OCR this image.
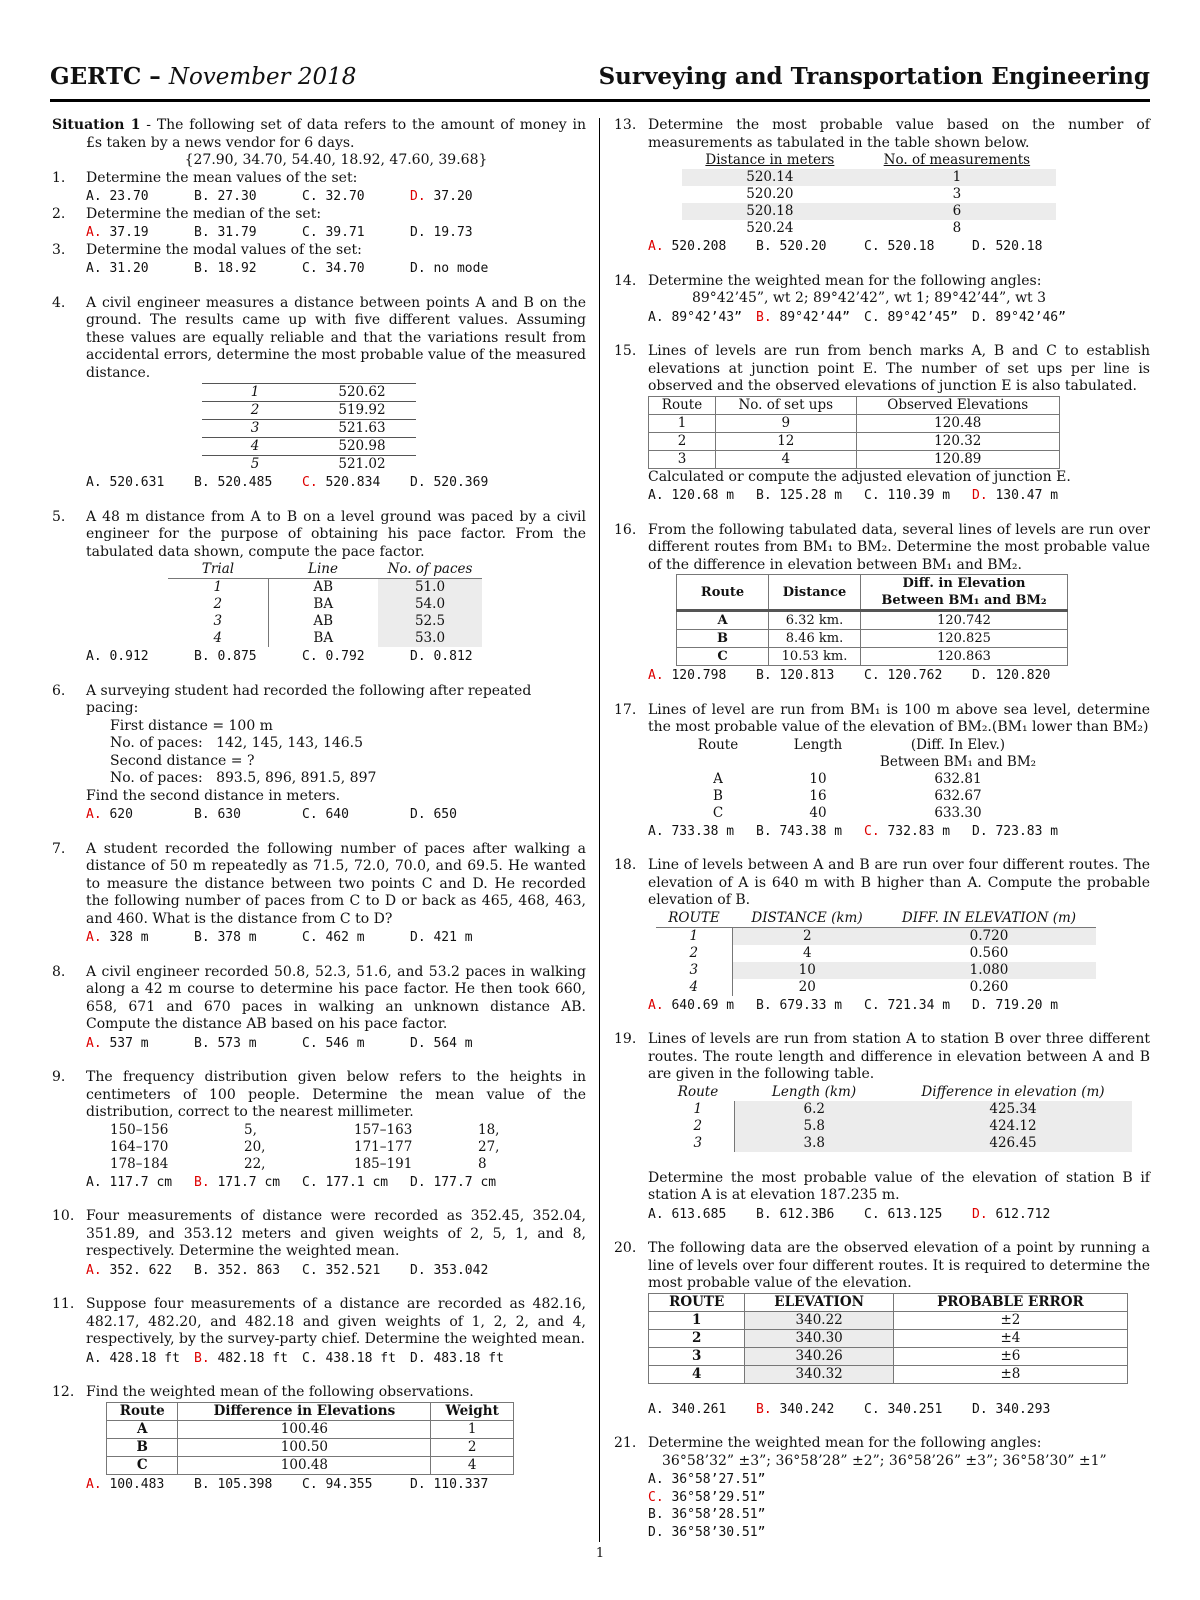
GERTC – November 2018	Surveying and Transportation Engineering
Situation 1 - The following set of data refers to the amount of money in £s taken by a news vendor for 6 days.
{27.90, 34.70, 54.40, 18.92, 47.60, 39.68}
1. Determine the mean values of the set:
A. 23.70	B. 27.30	C. 32.70	D. 37.20
2. Determine the median of the set:
A. 37.19	B. 31.79	C. 39.71	D. 19.73
3. Determine the modal values of the set:
A. 31.20	B. 18.92	C. 34.70	D. no mode
4. A civil engineer measures a distance between points A and B on the ground. The results came up with five different values. Assuming these values are equally reliable and that the variations result from accidental errors, determine the most probable value of the measured distance.
1	520.62
2	519.92
3	521.63
4	520.98
5	521.02
A. 520.631	B. 520.485	C. 520.834	D. 520.369
5. A 48 m distance from A to B on a level ground was paced by a civil engineer for the purpose of obtaining his pace factor. From the tabulated data shown, compute the pace factor.
Trial	Line	No. of paces
1	AB	51.0
2	BA	54.0
3	AB	52.5
4	BA	53.0
A. 0.912	B. 0.875	C. 0.792	D. 0.812
6. A surveying student had recorded the following after repeated pacing:
First distance = 100 m
No. of paces:   142, 145, 143, 146.5
Second distance = ?
No. of paces:   893.5, 896, 891.5, 897
Find the second distance in meters.
A. 620	B. 630	C. 640	D. 650
7. A student recorded the following number of paces after walking a distance of 50 m repeatedly as 71.5, 72.0, 70.0, and 69.5. He wanted to measure the distance between two points C and D. He recorded the following number of paces from C to D or back as 465, 468, 463, and 460. What is the distance from C to D?
A. 328 m	B. 378 m	C. 462 m	D. 421 m
8. A civil engineer recorded 50.8, 52.3, 51.6, and 53.2 paces in walking along a 42 m course to determine his pace factor. He then took 660, 658, 671 and 670 paces in walking an unknown distance AB. Compute the distance AB based on his pace factor.
A. 537 m	B. 573 m	C. 546 m	D. 564 m
9. The frequency distribution given below refers to the heights in centimeters of 100 people. Determine the mean value of the distribution, correct to the nearest millimeter.
150–156	5,	157–163	18,
164–170	20,	171–177	27,
178–184	22,	185–191	8
A. 117.7 cm	B. 171.7 cm	C. 177.1 cm	D. 177.7 cm
10. Four measurements of distance were recorded as 352.45, 352.04, 351.89, and 353.12 meters and given weights of 2, 5, 1, and 8, respectively. Determine the weighted mean.
A. 352. 622	B. 352. 863	C. 352.521	D. 353.042
11. Suppose four measurements of a distance are recorded as 482.16, 482.17, 482.20, and 482.18 and given weights of 1, 2, 2, and 4, respectively, by the survey-party chief. Determine the weighted mean.
A. 428.18 ft	B. 482.18 ft	C. 438.18 ft	D. 483.18 ft
12. Find the weighted mean of the following observations.
Route	Difference in Elevations	Weight
A	100.46	1
B	100.50	2
C	100.48	4
A. 100.483	B. 105.398	C. 94.355	D. 110.337
13. Determine the most probable value based on the number of measurements as tabulated in the table shown below.
Distance in meters	No. of measurements
520.14	1
520.20	3
520.18	6
520.24	8
A. 520.208	B. 520.20	C. 520.18	D. 520.18
14. Determine the weighted mean for the following angles:
89°42’45”, wt 2; 89°42’42”, wt 1; 89°42’44”, wt 3
A. 89°42’43”	B. 89°42’44”	C. 89°42’45”	D. 89°42’46”
15. Lines of levels are run from bench marks A, B and C to establish elevations at junction point E. The number of set ups per line is observed and the observed elevations of junction E is also tabulated.
Route	No. of set ups	Observed Elevations
1	9	120.48
2	12	120.32
3	4	120.89
Calculated or compute the adjusted elevation of junction E.
A. 120.68 m	B. 125.28 m	C. 110.39 m	D. 130.47 m
16. From the following tabulated data, several lines of levels are run over different routes from BM₁ to BM₂. Determine the most probable value of the difference in elevation between BM₁ and BM₂.
Route	Distance	Diff. in Elevation
Between BM₁ and BM₂
A	6.32 km.	120.742
B	8.46 km.	120.825
C	10.53 km.	120.863
A. 120.798	B. 120.813	C. 120.762	D. 120.820
17. Lines of level are run from BM₁ is 100 m above sea level, determine the most probable value of the elevation of BM₂.(BM₁ lower than BM₂)
Route	Length	(Diff. In Elev.)
		Between BM₁ and BM₂
A	10	632.81
B	16	632.67
C	40	633.30
A. 733.38 m	B. 743.38 m	C. 732.83 m	D. 723.83 m
18. Line of levels between A and B are run over four different routes. The elevation of A is 640 m with B higher than A. Compute the probable elevation of B.
ROUTE	DISTANCE (km)	DIFF. IN ELEVATION (m)
1	2	0.720
2	4	0.560
3	10	1.080
4	20	0.260
A. 640.69 m	B. 679.33 m	C. 721.34 m	D. 719.20 m
19. Lines of levels are run from station A to station B over three different routes. The route length and difference in elevation between A and B are given in the following table.
Route	Length (km)	Difference in elevation (m)
1	6.2	425.34
2	5.8	424.12
3	3.8	426.45
Determine the most probable value of the elevation of station B if station A is at elevation 187.235 m.
A. 613.685	B. 612.3B6	C. 613.125	D. 612.712
20. The following data are the observed elevation of a point by running a line of levels over four different routes. It is required to determine the most probable value of the elevation.
ROUTE	ELEVATION	PROBABLE ERROR
1	340.22	±2
2	340.30	±4
3	340.26	±6
4	340.32	±8
A. 340.261	B. 340.242	C. 340.251	D. 340.293
21. Determine the weighted mean for the following angles:
36°58’32” ±3”; 36°58’28” ±2”; 36°58’26” ±3”; 36°58’30” ±1”
A. 36°58’27.51”
C. 36°58’29.51”
B. 36°58’28.51”
D. 36°58’30.51”
1
